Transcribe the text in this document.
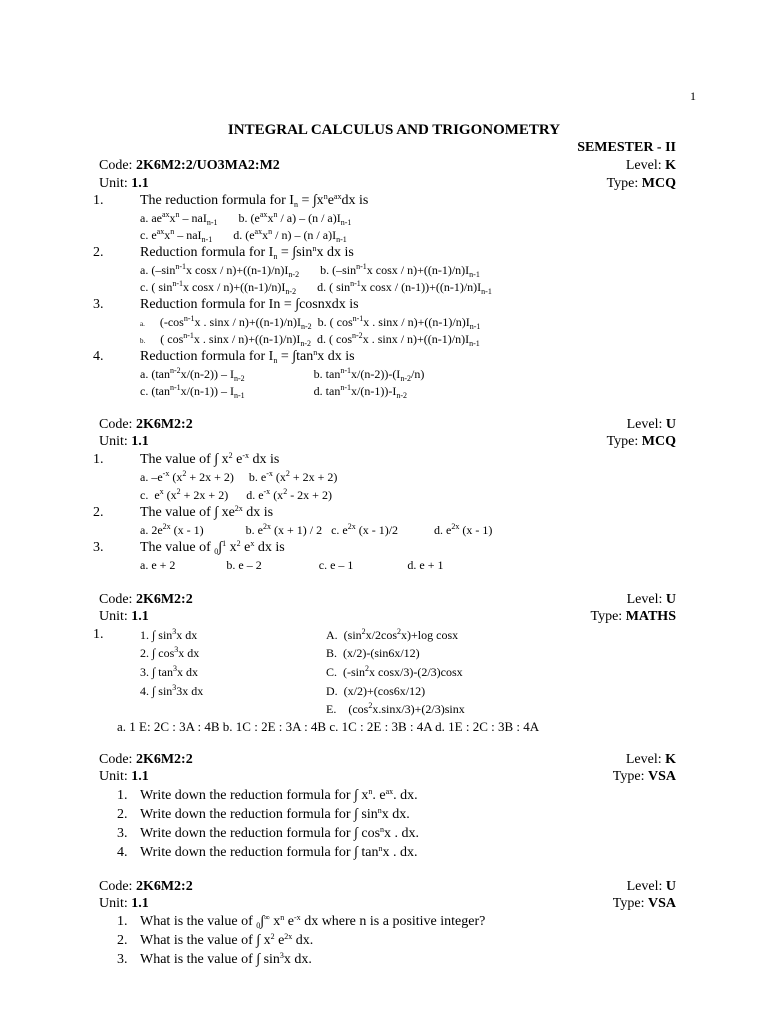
1
INTEGRAL CALCULUS AND TRIGONOMETRY
SEMESTER - II
Code: 2K6M2:2/UO3MA2:M2	Level: K
Unit: 1.1	Type: MCQ
1.	The reduction formula for $I_n = \int x^ne^{ax}dx$ is
a. $ae^{ax}x^n - naI_{n-1}$       b. $(e^{ax}x^n / a) - (n / a)I_{n-1}$
c. $e^{ax}x^n - naI_{n-1}$       d. $(e^{ax}x^n / n) - (n / a)I_{n-1}$
2.	Reduction formula for $I_n = \int\sin^nx$ dx is
a. ($-\sin^{n-1}x$ $\cos x / n)+((n-1)/n)I_{n-2}$       b. ($-\sin^{n-1}x$ $\cos x / n)+((n-1)/n)I_{n-1}$
c. ( $\sin^{n-1}x$ $\cos x / n)+((n-1)/n)I_{n-2}$       d. ( $\sin^{n-1}x$ $\cos x / (n-1))+((n-1)/n)I_{n-1}$
3.	Reduction formula for In = ∫cosnxdx is
a.     ($-\cos^{n-1}x$ . $\sin x / n)+((n-1)/n)I_{n-2}$  b. ( $\cos^{n-1}x$ . $\sin x / n)+((n-1)/n)I_{n-1}$
b.     ( $\cos^{n-1}x$ . $\sin x / n)+((n-1)/n)I_{n-2}$  d. ( $\cos^{n-2}x$ . $\sin x / n)+((n-1)/n)I_{n-1}$
4.	Reduction formula for $I_n = \int\tan^nx$ dx is
a. $(\tan^{n-2}x/(n-2)) - I_{n-2}$                       b. $\tan^{n-1}x/(n-2))-(I_{n-2}/n)$
c. $(\tan^{n-1}x/(n-1)) - I_{n-1}$                       d. $\tan^{n-1}x/(n-1))-I_{n-2}$
Code: 2K6M2:2	Level: U
Unit: 1.1	Type: MCQ
1.	The value of ∫ $x^2$ $e^{-x}$ dx is
a. $-e^{-x}$ $(x^2 + 2x + 2)$     b. $e^{-x}$ $(x^2 + 2x + 2)$
c.  $e^x$ $(x^2 + 2x + 2)$      d. $e^{-x}$ $(x^2 - 2x + 2)$
2.	The value of ∫ $xe^{2x}$ dx is
a. $2e^{2x}$ (x - 1)              b. $e^{2x}$ (x + 1) / 2   c. $e^{2x}$ (x - 1)/2            d. $e^{2x}$ (x - 1)
3.	The value of $_0$∫$^1$ $x^2$ $e^x$ dx is
a. e + 2                 b. e – 2                   c. e – 1                  d. e + 1
Code: 2K6M2:2	Level: U
Unit: 1.1	Type: MATHS
1.	1. ∫ $\sin^3x$ dx
2. ∫ $\cos^3x$ dx
3. ∫ $\tan^3x$ dx
4. ∫ $\sin^33x$ dx
A.  $(\sin^2x/2\cos^2x)+\log$ cosx
B.  (x/2)-(sin6x/12)
C.  ($-\sin^2x$ cosx/3)-(2/3)cosx
D.  (x/2)+(cos6x/12)
E.    $(\cos^2x.\sin x/3)+(2/3)\sin x$
a. 1 E: 2C : 3A : 4B b. 1C : 2E : 3A : 4B c. 1C : 2E : 3B : 4A d. 1E : 2C : 3B : 4A
Code: 2K6M2:2	Level: K
Unit: 1.1	Type: VSA
1. Write down the reduction formula for ∫ $x^n$. $e^{ax}$. dx.
2. Write down the reduction formula for ∫ $\sin^nx$ dx.
3. Write down the reduction formula for ∫ $\cos^nx$ . dx.
4. Write down the reduction formula for ∫ $\tan^nx$ . dx.
Code: 2K6M2:2	Level: U
Unit: 1.1	Type: VSA
1. What is the value of $_0$∫∞ $x^n$ $e^{-x}$ dx where n is a positive integer?
2. What is the value of ∫ $x^2$ $e^{2x}$ dx.
3. What is the value of ∫ $\sin^3x$ dx.
